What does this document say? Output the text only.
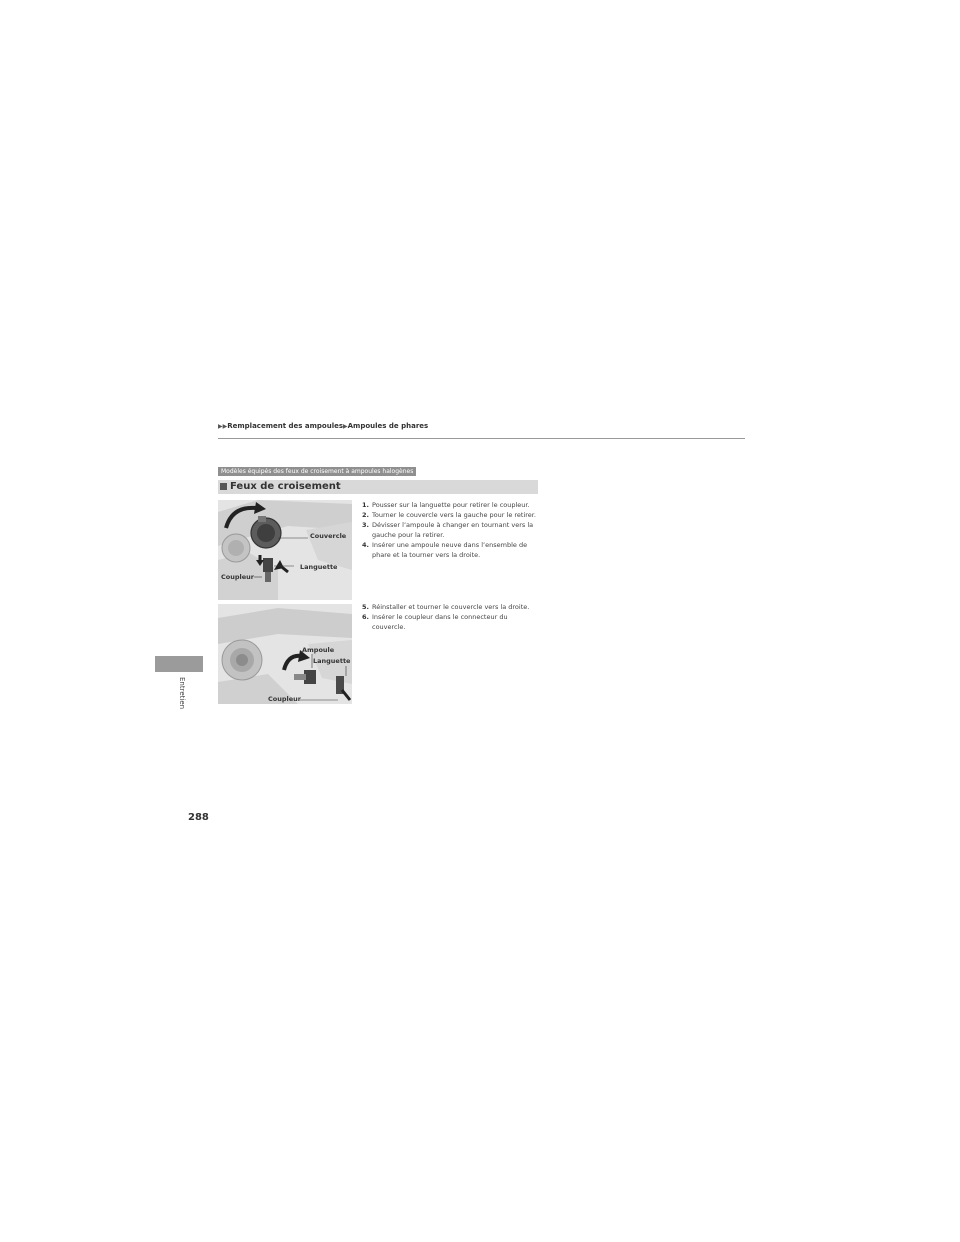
▶▶Remplacement des ampoules▶Ampoules de phares
Entretien
288
Modèles équipés des feux de croisement à ampoules halogènes
Feux de croisement
Couvercle
Languette
Coupleur
Ampoule
Languette
Coupleur
1. Pousser sur la languette pour retirer le coupleur.
2. Tourner le couvercle vers la gauche pour le retirer.
3. Dévisser l’ampoule à changer en tournant vers la gauche pour la retirer.
4. Insérer une ampoule neuve dans l’ensemble de phare et la tourner vers la droite.
5. Réinstaller et tourner le couvercle vers la droite.
6. Insérer le coupleur dans le connecteur du couvercle.
